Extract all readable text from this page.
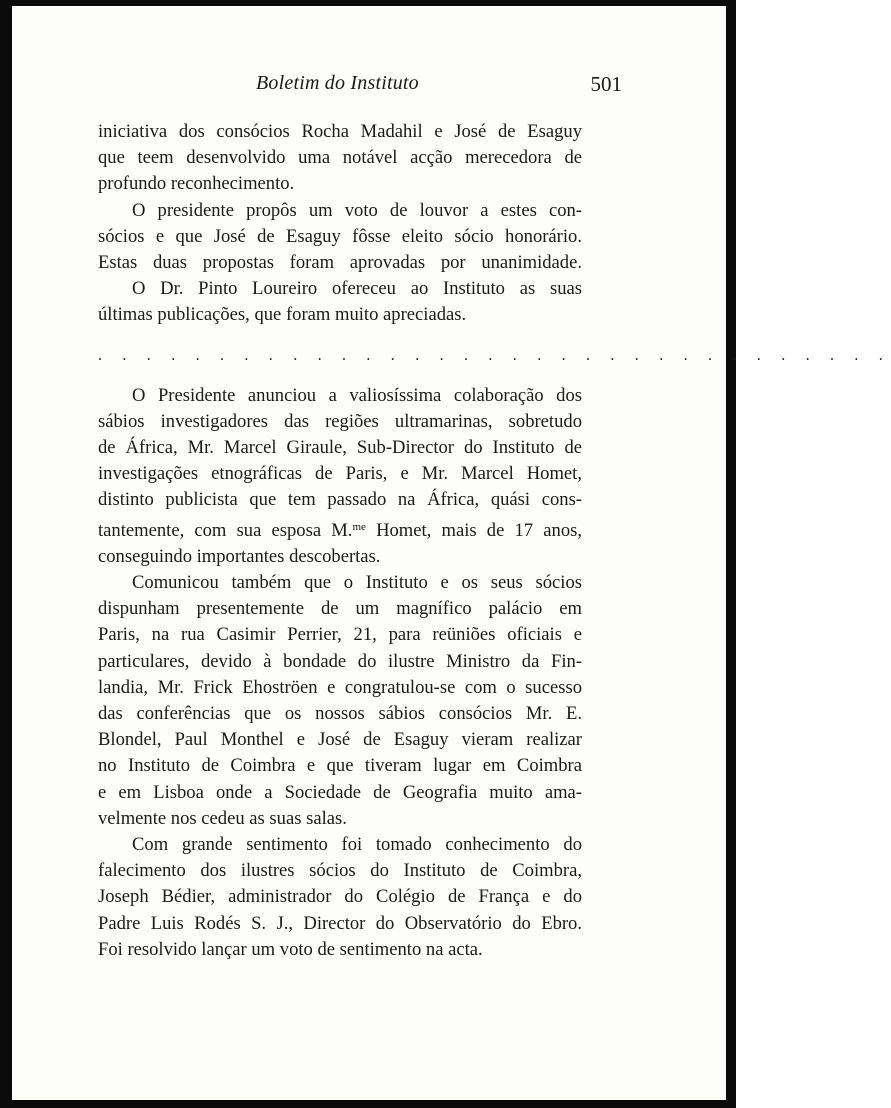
Boletim do Instituto	501

iniciativa dos consócios Rocha Madahil e José de Esaguy
que teem desenvolvido uma notável acção merecedora de
profundo reconhecimento.

O presidente propôs um voto de louvor a estes con-
sócios e que José de Esaguy fôsse eleito sócio honorário.
Estas duas propostas foram aprovadas por unanimidade.

O Dr. Pinto Loureiro ofereceu ao Instituto as suas
últimas publicações, que foram muito apreciadas.

. . . . . . . . . . . . . . . . . . . . . . . . . . . . . . . . .

O Presidente anunciou a valiosíssima colaboração dos
sábios investigadores das regiões ultramarinas, sobretudo
de África, Mr. Marcel Giraule, Sub-Director do Instituto de
investigações etnográficas de Paris, e Mr. Marcel Homet,
distinto publicista que tem passado na África, quási cons-
tantemente, com sua esposa M.$^{me}$ Homet, mais de 17 anos,
conseguindo importantes descobertas.

Comunicou também que o Instituto e os seus sócios
dispunham presentemente de um magnífico palácio em
Paris, na rua Casimir Perrier, 21, para reüniões oficiais e
particulares, devido à bondade do ilustre Ministro da Fin-
landia, Mr. Frick Ehoströen e congratulou-se com o sucesso
das conferências que os nossos sábios consócios Mr. E.
Blondel, Paul Monthel e José de Esaguy vieram realizar
no Instituto de Coimbra e que tiveram lugar em Coimbra
e em Lisboa onde a Sociedade de Geografia muito ama-
velmente nos cedeu as suas salas.

Com grande sentimento foi tomado conhecimento do
falecimento dos ilustres sócios do Instituto de Coimbra,
Joseph Bédier, administrador do Colégio de França e do
Padre Luis Rodés S. J., Director do Observatório do Ebro.
Foi resolvido lançar um voto de sentimento na acta.
